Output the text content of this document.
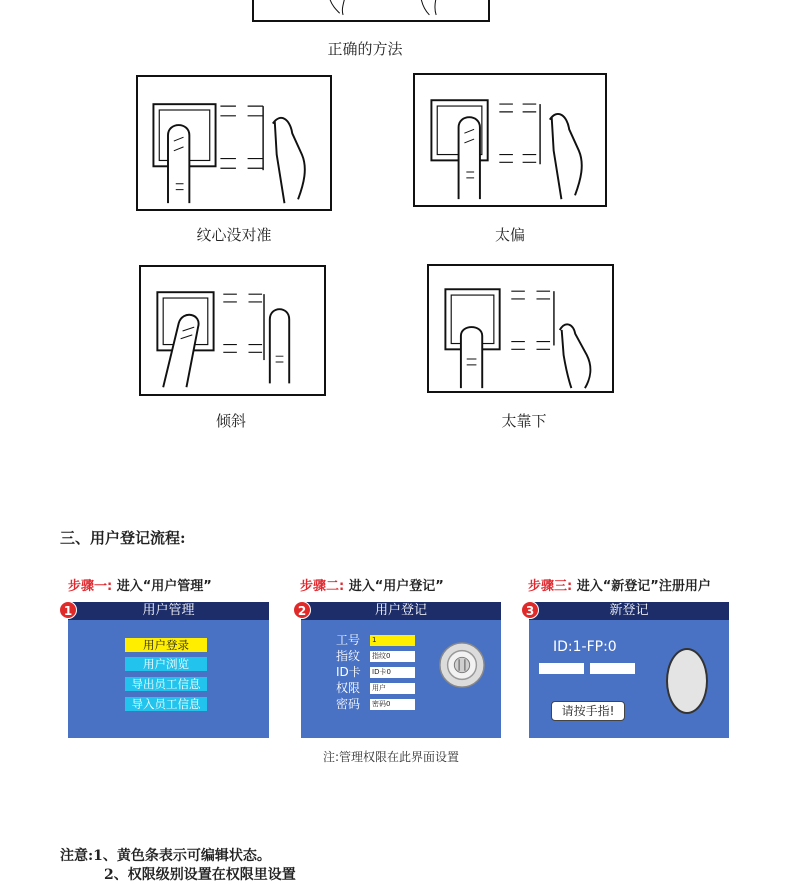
正确的方法
纹心没对准	太偏
倾斜	太靠下
三、用户登记流程:
步骤一: 进入“用户管理”	步骤二: 进入“用户登记”	步骤三: 进入“新登记”注册用户
用户管理
用户登录
用户浏览
导出员工信息
导入员工信息
1	用户登记
工号 1
指纹 指纹0
ID卡 ID卡0
权限 用户
密码 密码0
2	新登记
ID:1-FP:0
请按手指!
3
注:管理权限在此界面设置
注意:1、黄色条表示可编辑状态。
2、权限级别设置在权限里设置
